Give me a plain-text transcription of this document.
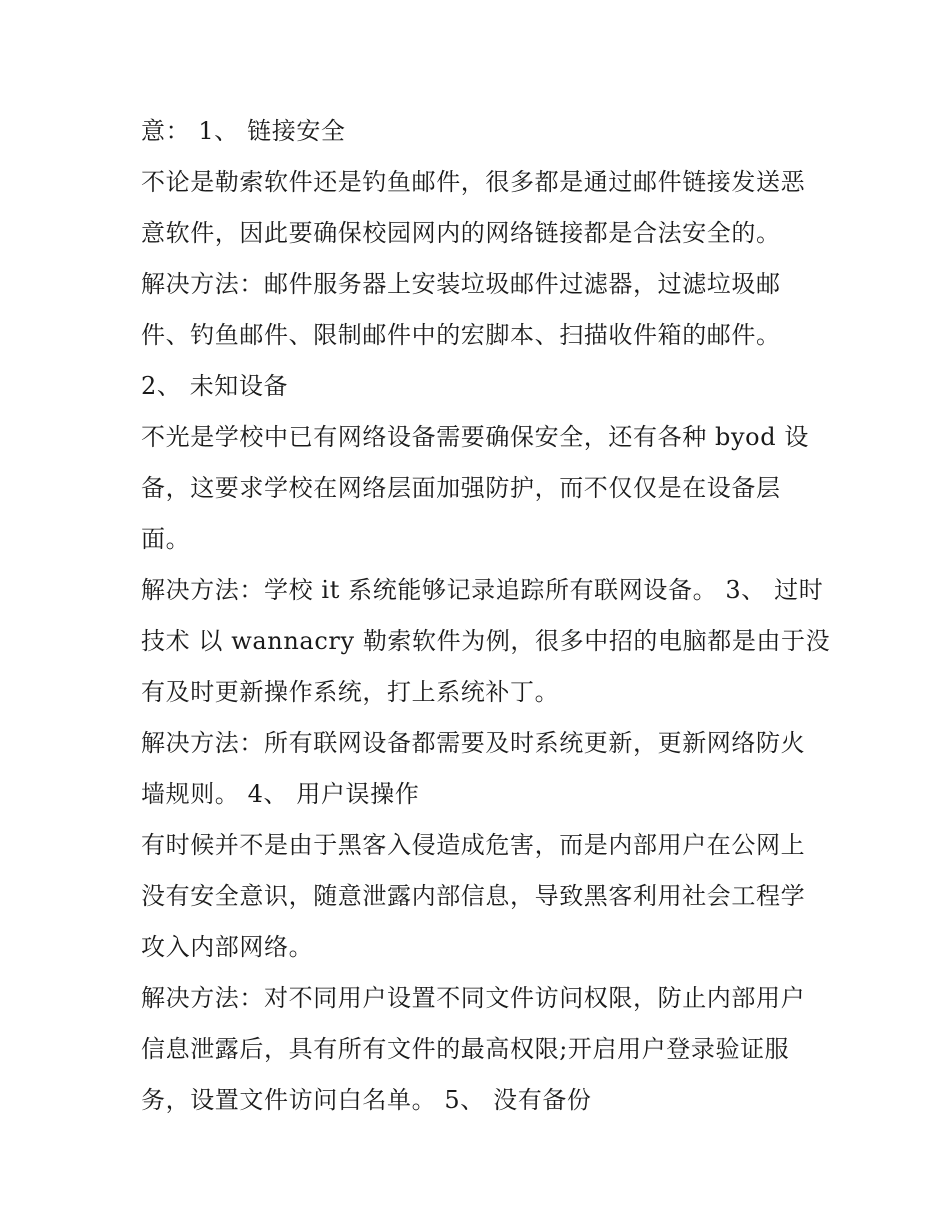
意： 1、 链接安全

不论是勒索软件还是钓鱼邮件，很多都是通过邮件链接发送恶

意软件，因此要确保校园网内的网络链接都是合法安全的。

解决方法：邮件服务器上安装垃圾邮件过滤器，过滤垃圾邮

件、钓鱼邮件、限制邮件中的宏脚本、扫描收件箱的邮件。

2、 未知设备

不光是学校中已有网络设备需要确保安全，还有各种 byod 设

备，这要求学校在网络层面加强防护，而不仅仅是在设备层

面。

解决方法：学校 it 系统能够记录追踪所有联网设备。 3、 过时

技术 以 wannacry 勒索软件为例，很多中招的电脑都是由于没

有及时更新操作系统，打上系统补丁。

解决方法：所有联网设备都需要及时系统更新，更新网络防火

墙规则。 4、 用户误操作

有时候并不是由于黑客入侵造成危害，而是内部用户在公网上

没有安全意识，随意泄露内部信息，导致黑客利用社会工程学

攻入内部网络。

解决方法：对不同用户设置不同文件访问权限，防止内部用户

信息泄露后，具有所有文件的最高权限;开启用户登录验证服

务，设置文件访问白名单。 5、 没有备份
